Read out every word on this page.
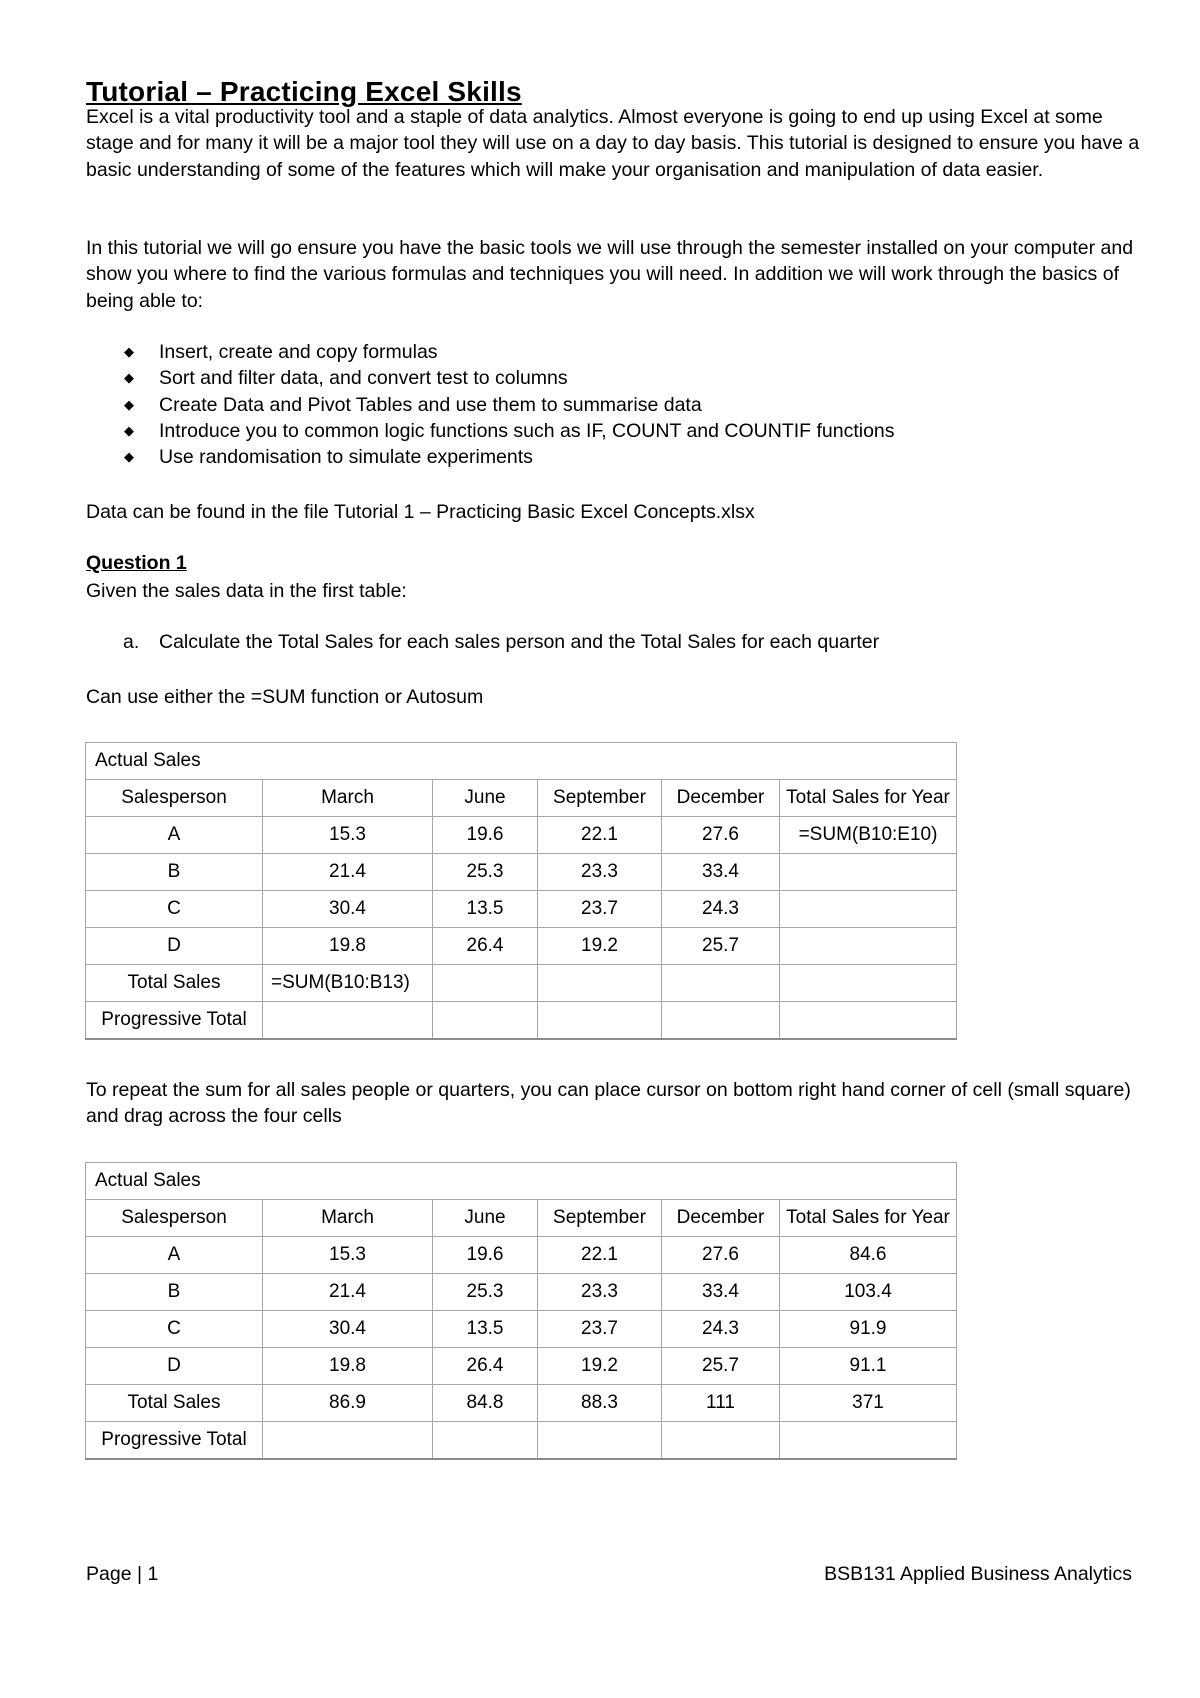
Tutorial – Practicing Excel Skills

Excel is a vital productivity tool and a staple of data analytics. Almost everyone is going to end up using Excel at some stage and for many it will be a major tool they will use on a day to day basis. This tutorial is designed to ensure you have a basic understanding of some of the features which will make your organisation and manipulation of data easier.

In this tutorial we will go ensure you have the basic tools we will use through the semester installed on your computer and show you where to find the various formulas and techniques you will need. In addition we will work through the basics of being able to:

◆ Insert, create and copy formulas
◆ Sort and filter data, and convert test to columns
◆ Create Data and Pivot Tables and use them to summarise data
◆ Introduce you to common logic functions such as IF, COUNT and COUNTIF functions
◆ Use randomisation to simulate experiments

Data can be found in the file Tutorial 1 – Practicing Basic Excel Concepts.xlsx

Question 1

Given the sales data in the first table:

a. Calculate the Total Sales for each sales person and the Total Sales for each quarter

Can use either the =SUM function or Autosum

Actual Sales					
Salesperson	March	June	September	December	Total Sales for Year
A	15.3	19.6	22.1	27.6	=SUM(B10:E10)
B	21.4	25.3	23.3	33.4	
C	30.4	13.5	23.7	24.3	
D	19.8	26.4	19.2	25.7	
Total Sales	=SUM(B10:B13)				
Progressive Total					

To repeat the sum for all sales people or quarters, you can place cursor on bottom right hand corner of cell (small square) and drag across the four cells

Actual Sales					
Salesperson	March	June	September	December	Total Sales for Year
A	15.3	19.6	22.1	27.6	84.6
B	21.4	25.3	23.3	33.4	103.4
C	30.4	13.5	23.7	24.3	91.9
D	19.8	26.4	19.2	25.7	91.1
Total Sales	86.9	84.8	88.3	111	371
Progressive Total					
Page | 1	BSB131 Applied Business Analytics
